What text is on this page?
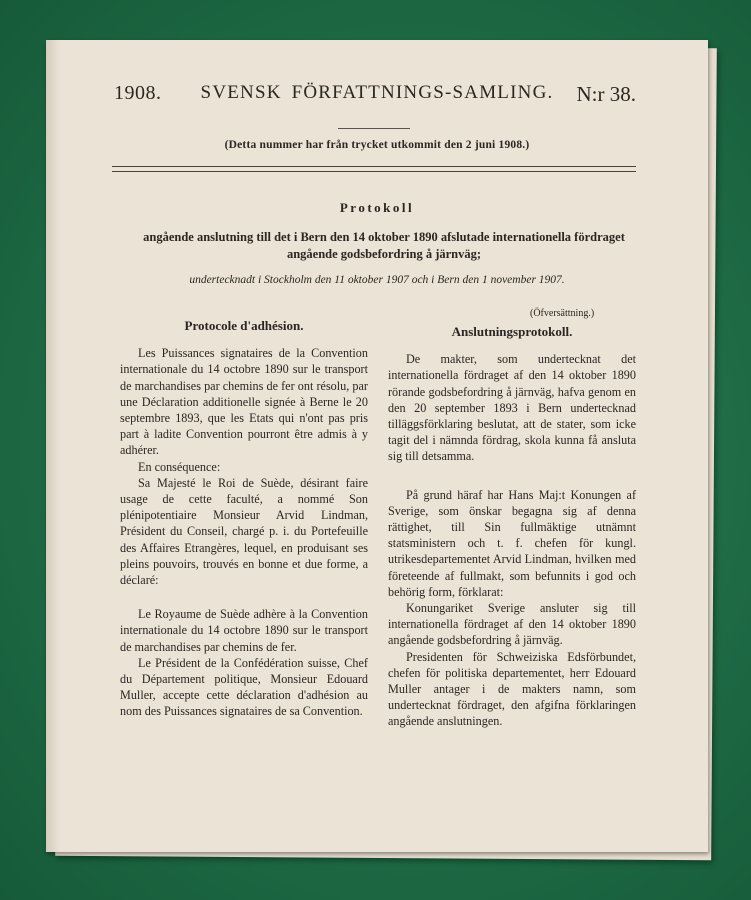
1908.	SVENSK FÖRFATTNINGS-SAMLING.	N:r 38.
(Detta nummer har från trycket utkommit den 2 juni 1908.)
Protokoll
angående anslutning till det i Bern den 14 oktober 1890 afslutade internationella fördraget angående godsbefordring å järnväg;
undertecknadt i Stockholm den 11 oktober 1907 och i Bern den 1 november 1907.
(Öfversättning.)
Protocole d'adhésion.

Les Puissances signataires de la Convention internationale du 14 octobre 1890 sur le transport de marchandises par chemins de fer ont résolu, par une Déclaration additionelle signée à Berne le 20 septembre 1893, que les Etats qui n'ont pas pris part à ladite Convention pourront être admis à y adhérer.

En conséquence:

Sa Majesté le Roi de Suède, désirant faire usage de cette faculté, a nommé Son plénipotentiaire Monsieur Arvid Lindman, Président du Conseil, chargé p. i. du Portefeuille des Affaires Etrangères, lequel, en produisant ses pleins pouvoirs, trouvés en bonne et due forme, a déclaré:

Le Royaume de Suède adhère à la Convention internationale du 14 octobre 1890 sur le transport de marchandises par chemins de fer.

Le Président de la Confédération suisse, Chef du Département politique, Monsieur Edouard Muller, accepte cette déclaration d'adhésion au nom des Puissances signataires de sa Convention.

Anslutningsprotokoll.

De makter, som undertecknat det internationella fördraget af den 14 oktober 1890 rörande godsbefordring å järnväg, hafva genom en den 20 september 1893 i Bern undertecknad tilläggsförklaring beslutat, att de stater, som icke tagit del i nämnda fördrag, skola kunna få ansluta sig till detsamma.

På grund häraf har Hans Maj:t Konungen af Sverige, som önskar begagna sig af denna rättighet, till Sin fullmäktige utnämnt statsministern och t. f. chefen för kungl. utrikesdepartementet Arvid Lindman, hvilken med företeende af fullmakt, som befunnits i god och behörig form, förklarat:

Konungariket Sverige ansluter sig till internationella fördraget af den 14 oktober 1890 angående godsbefordring å järnväg.

Presidenten för Schweiziska Edsförbundet, chefen för politiska departementet, herr Edouard Muller antager i de makters namn, som undertecknat fördraget, den afgifna förklaringen angående anslutningen.
